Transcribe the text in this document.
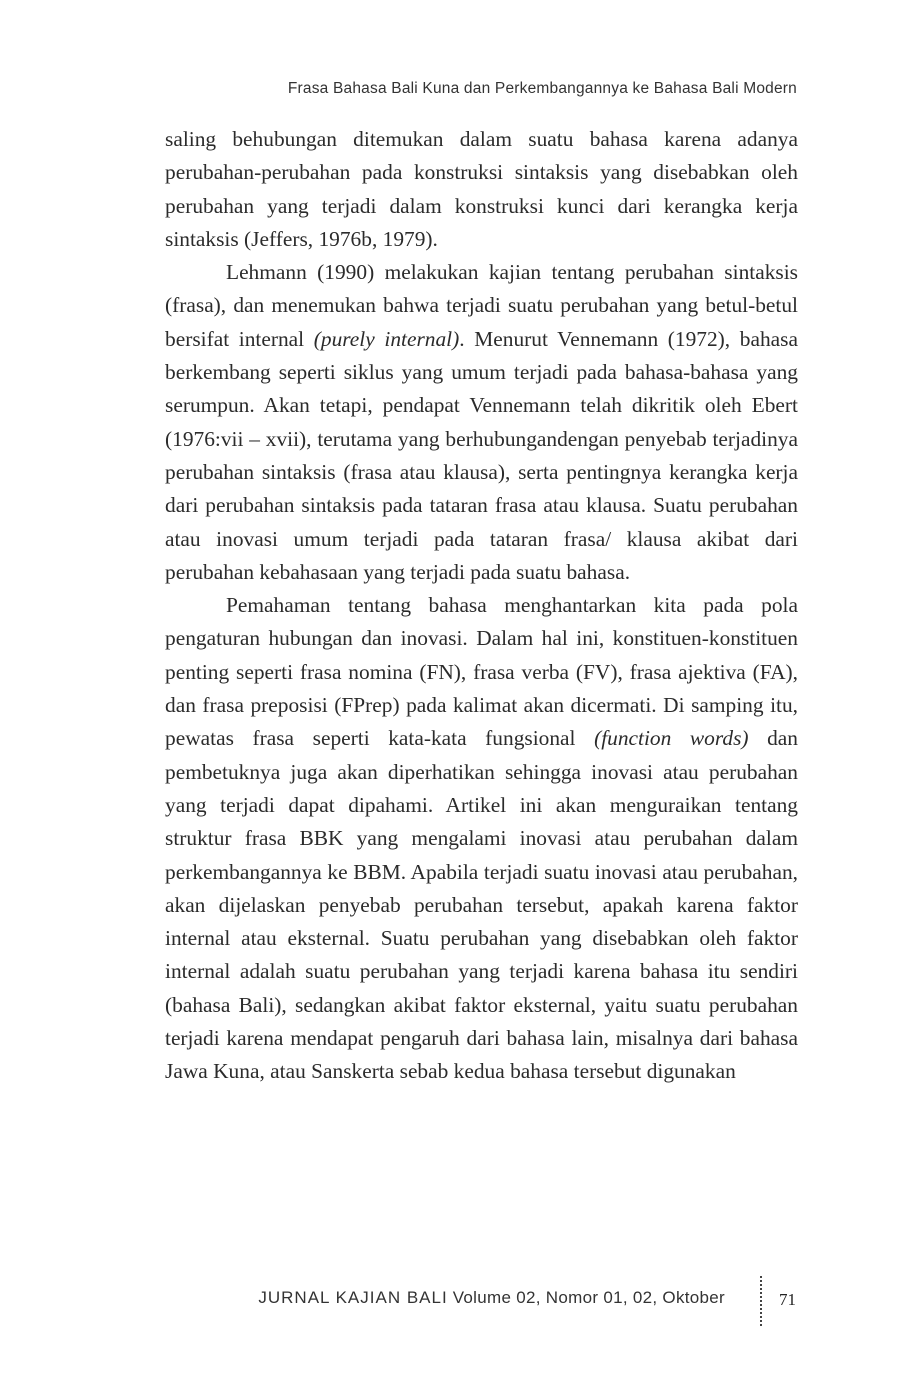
Frasa Bahasa Bali Kuna dan Perkembangannya ke Bahasa Bali Modern

saling behubungan ditemukan dalam suatu bahasa karena adanya perubahan-perubahan pada konstruksi sintaksis yang disebabkan oleh perubahan yang terjadi dalam konstruksi kunci dari kerangka kerja sintaksis (Jeffers, 1976b, 1979).

Lehmann (1990) melakukan kajian tentang perubahan sintaksis (frasa), dan menemukan bahwa terjadi suatu perubahan yang betul-betul bersifat internal (purely internal). Menurut Vennemann (1972), bahasa berkembang seperti siklus yang umum terjadi pada bahasa-bahasa yang serumpun. Akan tetapi, pendapat Vennemann telah dikritik oleh Ebert (1976:vii – xvii), terutama yang berhubungandengan penyebab terjadinya perubahan sintaksis (frasa atau klausa), serta pentingnya kerangka kerja dari perubahan sintaksis pada tataran frasa atau klausa. Suatu perubahan atau inovasi umum terjadi pada tataran frasa/ klausa akibat dari perubahan kebahasaan yang terjadi pada suatu bahasa.

Pemahaman tentang bahasa menghantarkan kita pada pola pengaturan hubungan dan inovasi. Dalam hal ini, konstituen-konstituen penting seperti frasa nomina (FN), frasa verba (FV), frasa ajektiva (FA), dan frasa preposisi (FPrep) pada kalimat akan dicermati. Di samping itu, pewatas frasa seperti kata-kata fungsional (function words) dan pembetuknya juga akan diperhatikan sehingga inovasi atau perubahan yang terjadi dapat dipahami. Artikel ini akan menguraikan tentang struktur frasa BBK yang mengalami inovasi atau perubahan dalam perkembangannya ke BBM. Apabila terjadi suatu inovasi atau perubahan, akan dijelaskan penyebab perubahan tersebut, apakah karena faktor internal atau eksternal. Suatu perubahan yang disebabkan oleh faktor internal adalah suatu perubahan yang terjadi karena bahasa itu sendiri (bahasa Bali), sedangkan akibat faktor eksternal, yaitu suatu perubahan terjadi karena mendapat pengaruh dari bahasa lain, misalnya dari bahasa Jawa Kuna, atau Sanskerta sebab kedua bahasa tersebut digunakan

JURNAL KAJIAN BALI Volume 02, Nomor 01, 02, Oktober	71
